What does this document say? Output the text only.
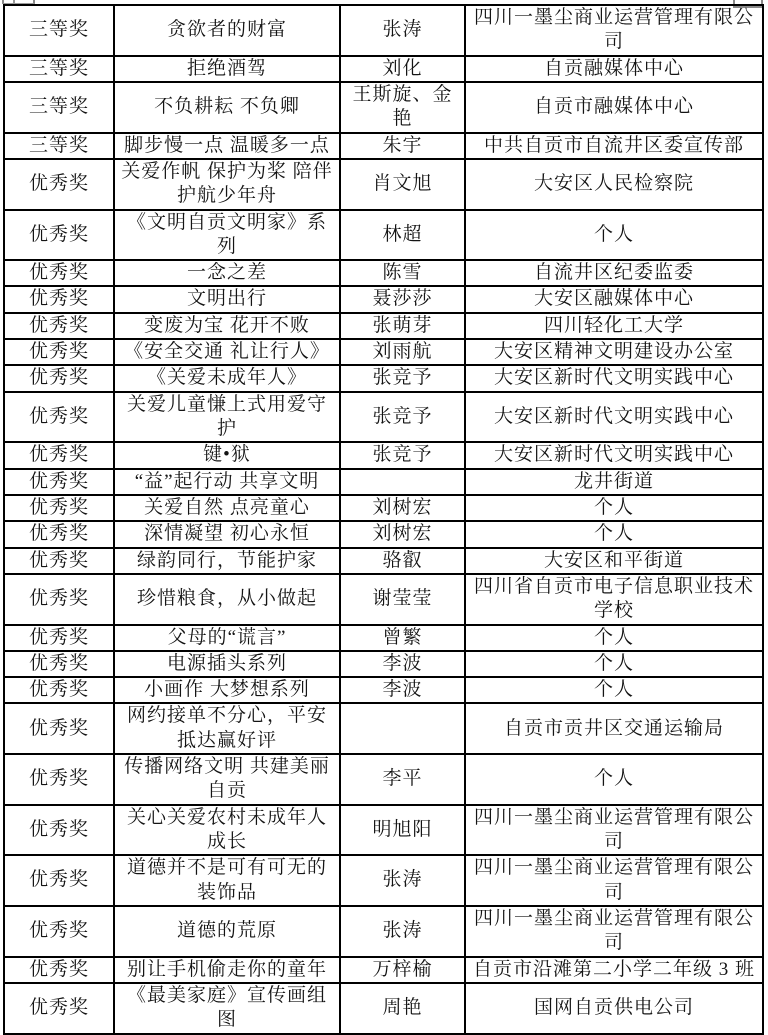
三等奖	贪欲者的财富	张涛	四川一墨尘商业运营管理有限公司
三等奖	拒绝酒驾	刘化	自贡融媒体中心
三等奖	不负耕耘 不负卿	王斯旋、金艳	自贡市融媒体中心
三等奖	脚步慢一点 温暖多一点	朱宇	中共自贡市自流井区委宣传部
优秀奖	关爱作帆 保护为桨 陪伴护航少年舟	肖文旭	大安区人民检察院
优秀奖	《文明自贡文明家》系列	林超	个人
优秀奖	一念之差	陈雪	自流井区纪委监委
优秀奖	文明出行	聂莎莎	大安区融媒体中心
优秀奖	变废为宝 花开不败	张萌芽	四川轻化工大学
优秀奖	《安全交通 礼让行人》	刘雨航	大安区精神文明建设办公室
优秀奖	《关爱未成年人》	张竞予	大安区新时代文明实践中心
优秀奖	关爱儿童慊上式用爱守护	张竞予	大安区新时代文明实践中心
优秀奖	键•狱	张竞予	大安区新时代文明实践中心
优秀奖	“益”起行动 共享文明		龙井街道
优秀奖	关爱自然 点亮童心	刘树宏	个人
优秀奖	深情凝望 初心永恒	刘树宏	个人
优秀奖	绿韵同行，节能护家	骆叡	大安区和平街道
优秀奖	珍惜粮食，从小做起	谢莹莹	四川省自贡市电子信息职业技术学校
优秀奖	父母的“谎言”	曾繁	个人
优秀奖	电源插头系列	李波	个人
优秀奖	小画作 大梦想系列	李波	个人
优秀奖	网约接单不分心，平安抵达赢好评		自贡市贡井区交通运输局
优秀奖	传播网络文明 共建美丽自贡	李平	个人
优秀奖	关心关爱农村未成年人成长	明旭阳	四川一墨尘商业运营管理有限公司
优秀奖	道德并不是可有可无的装饰品	张涛	四川一墨尘商业运营管理有限公司
优秀奖	道德的荒原	张涛	四川一墨尘商业运营管理有限公司
优秀奖	别让手机偷走你的童年	万梓榆	自贡市沿滩第二小学二年级 3 班
优秀奖	《最美家庭》宣传画组图	周艳	国网自贡供电公司
